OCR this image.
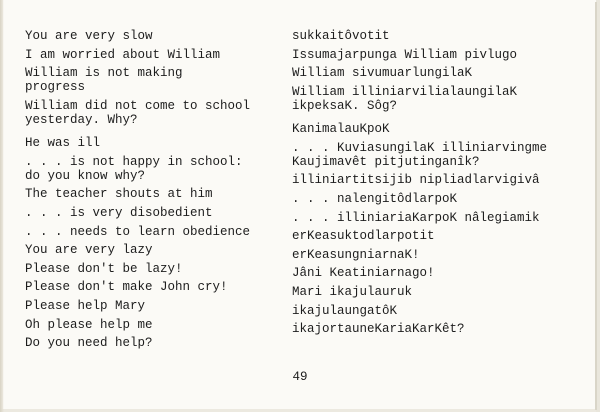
You are very slow
I am worried about William
William is not making
progress
William did not come to school
yesterday. Why?
He was ill
. . . is not happy in school:
do you know why?
The teacher shouts at him
. . . is very disobedient
. . . needs to learn obedience
You are very lazy
Please don't be lazy!
Please don't make John cry!
Please help Mary
Oh please help me
Do you need help?
sukkaitôvotit
Issumajarpunga William pivlugo
William sivumuarlungilaK
William illiniarvilialaungilaK
ikpeksaK. Sôg?
KanimalauKpoK
. . . KuviasungilaK illiniarvingme
Kaujimavêt pitjutinganîk?
illiniartitsijib nipliadlarvigivâ
. . . nalengitôdlarpoK
. . . illiniariaKarpoK nâlegiamik
erKeasuktodlarpotit
erKeasungniarnaK!
Jâni Keatiniarnago!
Mari ikajulauruk
ikajulaungatôK
ikajortauneKariaKarKêt?
49
